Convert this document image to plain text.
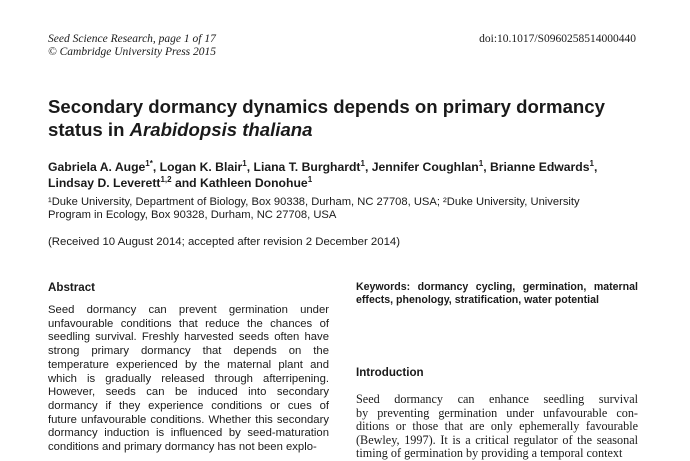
Seed Science Research, page 1 of 17
© Cambridge University Press 2015
doi:10.1017/S0960258514000440
Secondary dormancy dynamics depends on primary dormancy
status in Arabidopsis thaliana
Gabriela A. Auge$^{1*}$, Logan K. Blair$^1$, Liana T. Burghardt$^1$, Jennifer Coughlan$^1$, Brianne Edwards$^1$,
Lindsay D. Leverett$^{1,2}$ and Kathleen Donohue$^1$
¹Duke University, Department of Biology, Box 90338, Durham, NC 27708, USA; ²Duke University, University
Program in Ecology, Box 90328, Durham, NC 27708, USA
(Received 10 August 2014; accepted after revision 2 December 2014)
Abstract
Seed dormancy can prevent germination under
unfavourable conditions that reduce the chances of
seedling survival. Freshly harvested seeds often have
strong primary dormancy that depends on the
temperature experienced by the maternal plant and
which is gradually released through afterripening.
However, seeds can be induced into secondary
dormancy if they experience conditions or cues of
future unfavourable conditions. Whether this secondary
dormancy induction is influenced by seed-maturation
conditions and primary dormancy has not been explo-
Keywords: dormancy cycling, germination, maternal
effects, phenology, stratification, water potential
Introduction
Seed dormancy can enhance seedling survival
by preventing germination under unfavourable con-
ditions or those that are only ephemerally favourable
(Bewley, 1997). It is a critical regulator of the seasonal
timing of germination by providing a temporal context
